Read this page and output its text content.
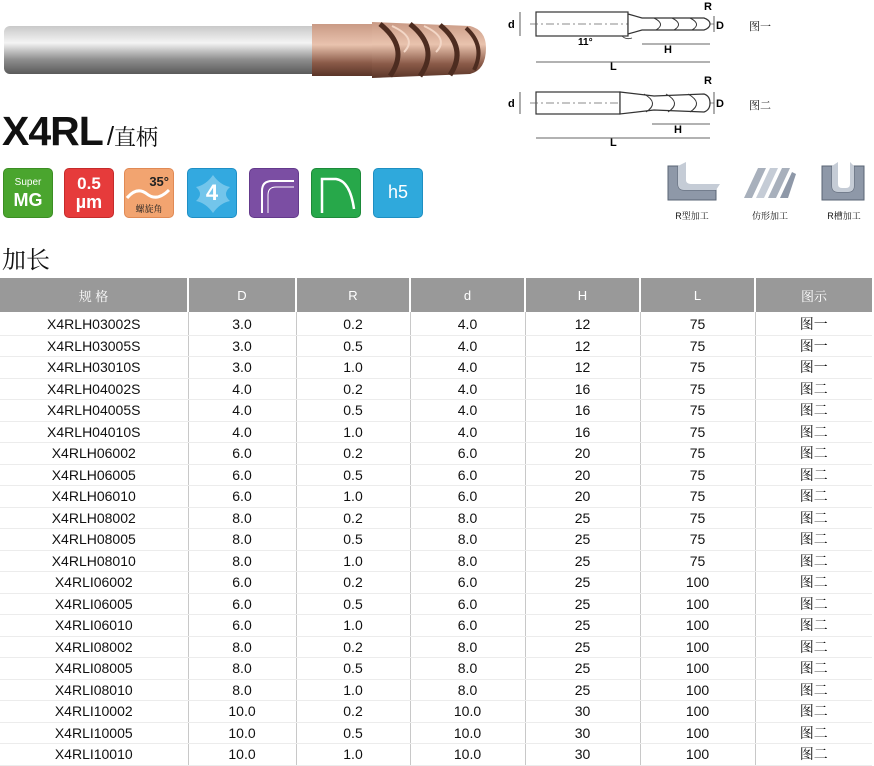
X4RL /直柄
Super
MG
0.5
µm
35°
螺旋角
4	h5
d	D
R
H
L
11°
图一
d	D
R
H
L
图二
R型加工	仿形加工	R槽加工
加长
规 格	D	R	d	H	L	图示
X4RLH03002S	3.0	0.2	4.0	12	75	图一
X4RLH03005S	3.0	0.5	4.0	12	75	图一
X4RLH03010S	3.0	1.0	4.0	12	75	图一
X4RLH04002S	4.0	0.2	4.0	16	75	图二
X4RLH04005S	4.0	0.5	4.0	16	75	图二
X4RLH04010S	4.0	1.0	4.0	16	75	图二
X4RLH06002	6.0	0.2	6.0	20	75	图二
X4RLH06005	6.0	0.5	6.0	20	75	图二
X4RLH06010	6.0	1.0	6.0	20	75	图二
X4RLH08002	8.0	0.2	8.0	25	75	图二
X4RLH08005	8.0	0.5	8.0	25	75	图二
X4RLH08010	8.0	1.0	8.0	25	75	图二
X4RLI06002	6.0	0.2	6.0	25	100	图二
X4RLI06005	6.0	0.5	6.0	25	100	图二
X4RLI06010	6.0	1.0	6.0	25	100	图二
X4RLI08002	8.0	0.2	8.0	25	100	图二
X4RLI08005	8.0	0.5	8.0	25	100	图二
X4RLI08010	8.0	1.0	8.0	25	100	图二
X4RLI10002	10.0	0.2	10.0	30	100	图二
X4RLI10005	10.0	0.5	10.0	30	100	图二
X4RLI10010	10.0	1.0	10.0	30	100	图二
